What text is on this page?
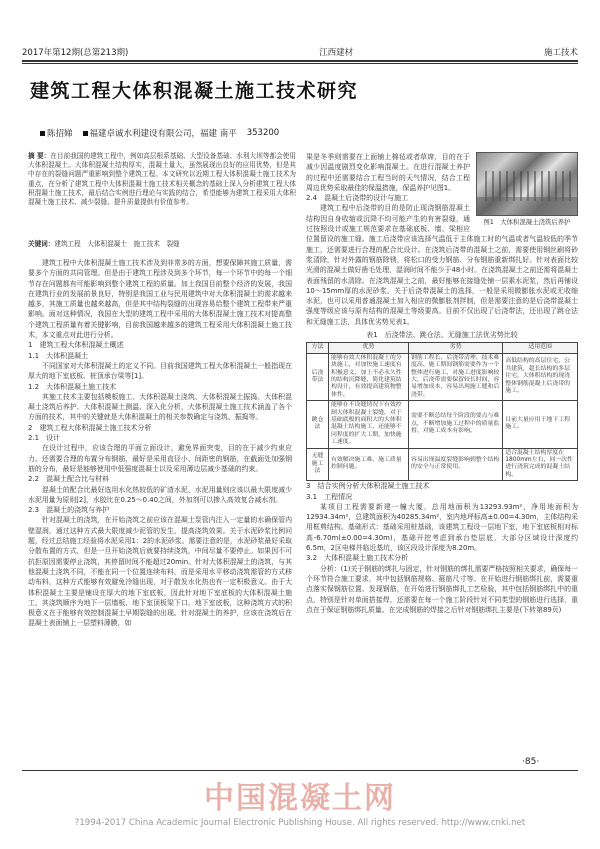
2017年第12期(总第213期)	江西建材	施工技术
建筑工程大体积混凝土施工技术研究
陈招娣	福建卓诚水利建设有限公司，福建 南平 353200
摘 要：在目前我国的建筑工程中，例如高层根系基础、大型设备基础、水利大坝等都会使用大体积混凝土。大体积混凝土结构厚实，混凝土量大，虽然展现出良好的应用优势，但是其中存在的裂缝问题严重影响到整个建筑工程。本文研究以近期工程大体积混凝土施工技术为重点，在分析了建筑工程中大体积混凝土施工技术相关概念的基础上深入分析建筑工程大体积混凝土施工技术，最后结合实例进行理论与实践的结合，希望能够为建筑工程采用大体积混凝土施工技术、减少裂缝、提升质量提供有价值参考。
关键词：建筑工程　大体积混凝土　施工技术　裂缝

建筑工程中大体积混凝土施工技术涉及到非常多的方面，想要保障其施工质量，需要多个方面的共同管理。但是由于建筑工程涉及到多个环节，每一个环节中的每一个细节存在问题都有可能影响到整个建筑工程的质量。加上我国目前整个经济的发展，我国在建筑行业的发展前景良好，特别是我国工业与民用建筑中对大体积混凝土的需求越来越多，其施工质量也越来越高，但是其中结构裂缝的出现容易给整个建筑工程带来严重影响。面对这种情况，我国在大型的建筑工程中采用的大体积混凝土施工技术对提高整个建筑工程质量有着关键影响，目前我国越来越多的建筑工程采用大体积混凝土施工技术，本文重点对此进行分析。

1　建筑工程大体积混凝土概述

1.1　大体积混凝土

不同国家对大体积混凝土的定义不同。目前我国建筑工程大体积混凝土一般指现在厚大的地下室底板、桩顶承台梁等[1]。

1.2　大体积混凝土施工技术

其施工技术主要包括模板施工、大体积混凝土浇筑、大体积混凝土振捣、大体积混凝土浇筑后养护、大体积混凝土测温、深入化分析，大体积混凝土施工技术涵盖了各个方面的技术，其中的关键就是大体积混凝土的相关参数确定与浇筑、振捣等。

2　建筑工程大体积混凝土施工技术分析

2.1　设计

在设计过程中，应该合理的平面立面设计，避免界面突变，目的在于减少约束应力。还需要合理的布置分布钢筋，最好是采用直径小、间距密的钢筋，在截面处加强钢筋的分布，最好是能够使用中低强度混凝土以及采用薄边层减少基础的约束。

2.2　混凝土配合比与材料

混凝土的配合比最好选用水化热较低的矿渣水泥，水泥用量则应该以最大限度减少水泥用量为原则[2]，水胶比在0.25～0.40之间，外加剂可以掺入高效复合减水剂。

2.3　混凝土的浇筑与养护

针对混凝土的浇筑，在开始浇筑之前应该在混凝土泵管内注入一定量的水确保管内壁湿润，通过这种方式最大限度减少泥管的发生，提高浇筑效果。关于水泥砂浆比例问题，经过总结施工经验将水泥采用1：2的水泥砂浆。需要注意的是，水泥砂浆最好采取分散布置的方式，但是一旦开始浇筑后就要持续浇筑，中间尽量不要停止。如果因不可抗拒原因需要停止浇筑，其停留时间不能超过20min。针对大体积混凝土的浇筑，与其他混凝土浇筑不同，不能在同一个位置连续布料，而是采用水平移动浇筑需管的方式移动布料，这种方式能够有效避免冷缝出现，对于散发水化热也有一定积极意义。由于大体积混凝土主要是铺设在厚大的地下室底板，因此针对地下室底板的大体积混凝土施工，其浇筑顺序为地下一层墙板、地下室顶板梁下口、地下室底板，这种浇筑方式的积极意义在于能够有效控制混凝土早期裂缝的出现。针对混凝土的养护，应该在浇筑后在混凝土表面铺上一层塑料薄膜，如

图1　大体积混凝土浇筑后养护

果是冬季则需要在上面铺上棉毡或者草席，目的在于减少因温度剧烈变化影响混凝土。在进行混凝土养护的过程中还需要结合工程当时的天气情况，结合工程周边优势采取最佳的保温措施，保温养护见图1。

2.4　混凝土后浇带的设计与施工

建筑工程中后浇带的目的是防止现浇钢筋混凝土结构因自身收缩或沉降不均可能产生的有害裂缝，通过按照设计或施工规范要求在基础底板、墙、梁相应位置留设的施工缝。施工后浇带应该选择气温低于主体施工时的气温或者气温较低的季节施工，还需要进行合理的配合比设计。在浇筑后浇带的混凝土之前，需要使用钢丝刷将砂浆清除，针对外露的钢筋除锈，将松口的受力钢筋、分布钢筋重新绑扎好。针对表面比较光滑的混凝土做好凿毛处理，湿润时间不能少于48小时。在浇筑混凝土之前还需将混凝土表面残留的水清除。在浇筑混凝土之前，最好能够在接缝处铺一层素水泥浆，然后再铺设10～15mm厚的水泥砂浆。关于后浇带混凝土的选择，一般是采用微膨胀水泥或无收缩水泥，也可以采用普通混凝土加入相应的微膨胀剂拌制，但是需要注意的是后浇带混凝土强度等级应该与原有结构的混凝土等级要高。目前不仅出现了后浇带法，还出现了跳仓法和无缝施工法，具体优劣势见表1。

表1　后浇带法、跳仓法、无缝施工法优劣势比较

方法	优势	劣势	适用范围
后浇带法	能够有效大体积混凝土的分块施工，对加快施工速度有积极意义，加上不必永久性的结构沉降缝，简化建筑结构设计，有效提高建筑物整体性。	钢筋工程长、后浇带清理、技术难度高、施工期间钢筋需要作为一个整体进行施工，对施工进度影响较大，后浇带需要保留较长时间，容易增加成本，容易出现施工缝和后浇带。	高低结构的高层住宅，公共建筑，超长结构的多层住宅，大体积结构的现浇整体钢筋混凝土后浇带的施工。
跳仓法	能够在不设缝情况下有效控制大体积混凝土裂缝，对于基础底板的面积大的大体积混凝土结构施工，还能够不同程度的扩大工期，加快施工速度。	需要不断总结每个阶段的要点与难点，不断增加施工过程中的质量监督，对施工成本有影响。	目前大量应用于地下工程施工。
无缝施工法	有效解决施工难、施工质量控制问题。	容易出现温度裂缝影响到整个结构的安全与正常使用。	适合混凝土结构厚度在1800mm左右，同一次性进行浇筑完成的混凝土结构。

3　结合实例分析大体积混凝土施工技术

3.1　工程情况

某项目工程需要新建一幢大厦，总用地面积为13293.93m²，净用地面积为12934.34m²，总建筑面积为40285.34m²，室内地坪标高±0.00=4.30m，主体结构采用框剪结构。基础形式：基础采用桩基础，该建筑工程设一层地下室，地下室底板相对标高-6.70m(±0.00=4.30m)，基础开挖考虑到承台垫层底，大部分区域设计深度约6.5m，2区电梯井临近基坑，该区段设计深度为8.20m。

3.2　大体积混凝土施工技术分析

分析：(1)关于钢筋的绑扎与固定，针对钢筋的绑扎需要严格按照相关要求，确保每一个环节符合施工要求，其中包括钢筋规格、箍筋尺寸等。在开始进行钢筋绑扎前，需要重点落实保钢筋位置、发现钢筋，在开始进行钢筋绑扎工艺检验，其中包括钢筋绑扎中的重点，特别是针对单面搭接焊，还需要在每一个施工阶段针对不同类型的钢筋进行选择，重点在于保证钢筋绑扎质量。在完成钢筋的焊接之后针对钢筋绑扎主要是(下转第89页)

·85·
中国混凝土网
?1994-2017 China Academic Journal Electronic Publishing House. All rights reserved. http://www.cnki.net
